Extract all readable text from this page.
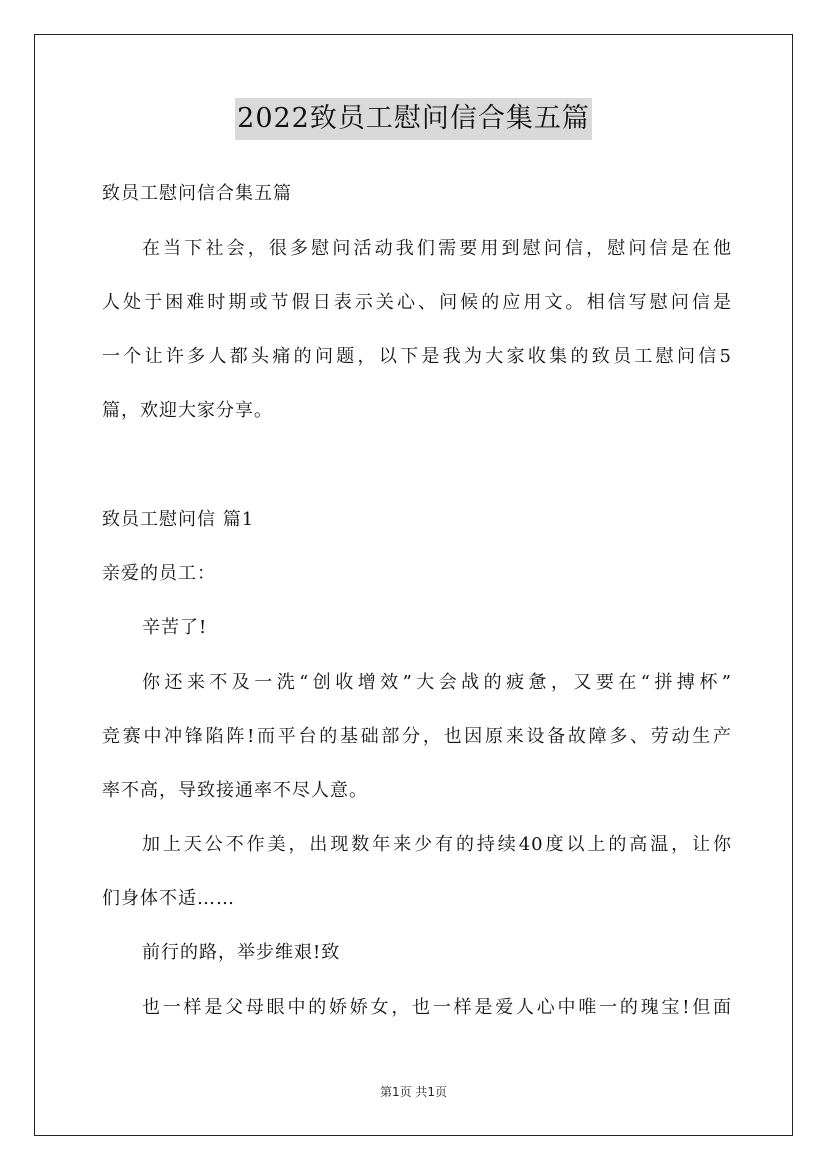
2022致员工慰问信合集五篇
致员工慰问信合集五篇
在当下社会，很多慰问活动我们需要用到慰问信，慰问信是在他
人处于困难时期或节假日表示关心、问候的应用文。相信写慰问信是
一个让许多人都头痛的问题，以下是我为大家收集的致员工慰问信5
篇，欢迎大家分享。
致员工慰问信 篇1
亲爱的员工：
辛苦了!
你还来不及一洗“创收增效”大会战的疲惫，又要在“拼搏杯”
竞赛中冲锋陷阵!而平台的基础部分，也因原来设备故障多、劳动生产
率不高，导致接通率不尽人意。
加上天公不作美，出现数年来少有的持续40度以上的高温，让你
们身体不适……
前行的路，举步维艰!致
也一样是父母眼中的娇娇女，也一样是爱人心中唯一的瑰宝!但面
第1页 共1页
